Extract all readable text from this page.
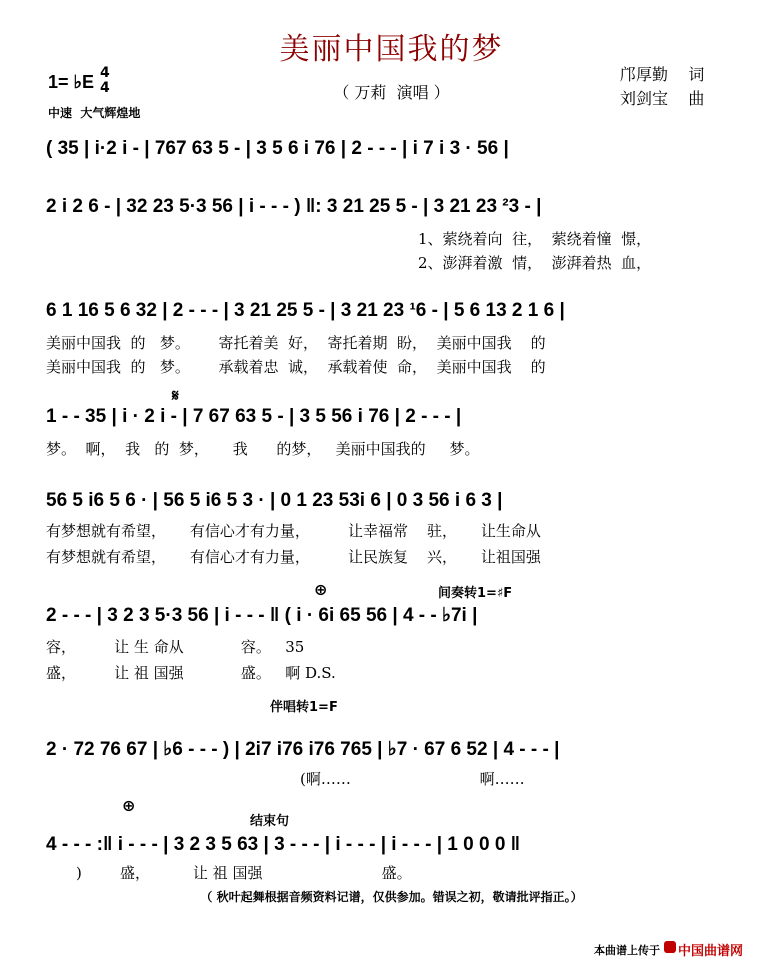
美丽中国我的梦
（ 万莉  演唱 ）
1= ♭E 4
4
中速  大气辉煌地
邝厚勤    词
刘剑宝    曲
( 35 | i·2 i - | 767 63 5 - | 3 5 6 i 76 | 2 - - - | i 7 i 3 · 56 |
2 i 2 6 - | 32 23 5·3 56 | i - - - ) ‖: 3 21 25 5 - | 3 21 23 ²3 - |
1、萦绕着向  往，  萦绕着憧  憬，
2、澎湃着激  情，  澎湃着热  血，
6 1 16 5 6 32 | 2 - - - | 3 21 25 5 - | 3 21 23 ¹6 - | 5 6 13 2 1 6 |
美丽中国我  的   梦。      寄托着美  好，  寄托着期  盼，  美丽中国我    的
美丽中国我  的   梦。      承载着忠  诚，  承载着使  命，  美丽中国我    的
𝄋
1 - - 35 | i · 2 i - | 7 67 63 5 - | 3 5 56 i 76 | 2 - - - |
梦。  啊，  我   的  梦，     我      的梦，   美丽中国我的     梦。
56 5 i6 5 6 · | 56 5 i6 5 3 · | 0 1 23 53i 6 | 0 3 56 i 6 3 |
有梦想就有希望，     有信心才有力量，        让幸福常    驻，     让生命从
有梦想就有希望，     有信心才有力量，        让民族复    兴，     让祖国强
⊕	间奏转1=♯F
2 - - - | 3 2 3 5·3 56 | i - - - ‖ ( i · 6i 65 56 | 4 - - ♭7i |
容，        让 生 命从            容。   35
盛，        让 祖 国强            盛。   啊 D.S.
伴唱转1=F
2 · 72 76 67 | ♭6 - - - ) | 2i7 i76 i76 765 | ♭7 · 67 6 52 | 4 - - - |
(啊……                           啊……
⊕
结束句
4 - - - :‖ i - - - | 3 2 3 5 63 | 3 - - - | i - - - | i - - - | 1 0 0 0 ‖
)        盛，         让 祖 国强                         盛。
（ 秋叶起舞根据音频资料记谱，仅供参加。错误之初，敬请批评指正。）
本曲谱上传于 中国曲谱网
